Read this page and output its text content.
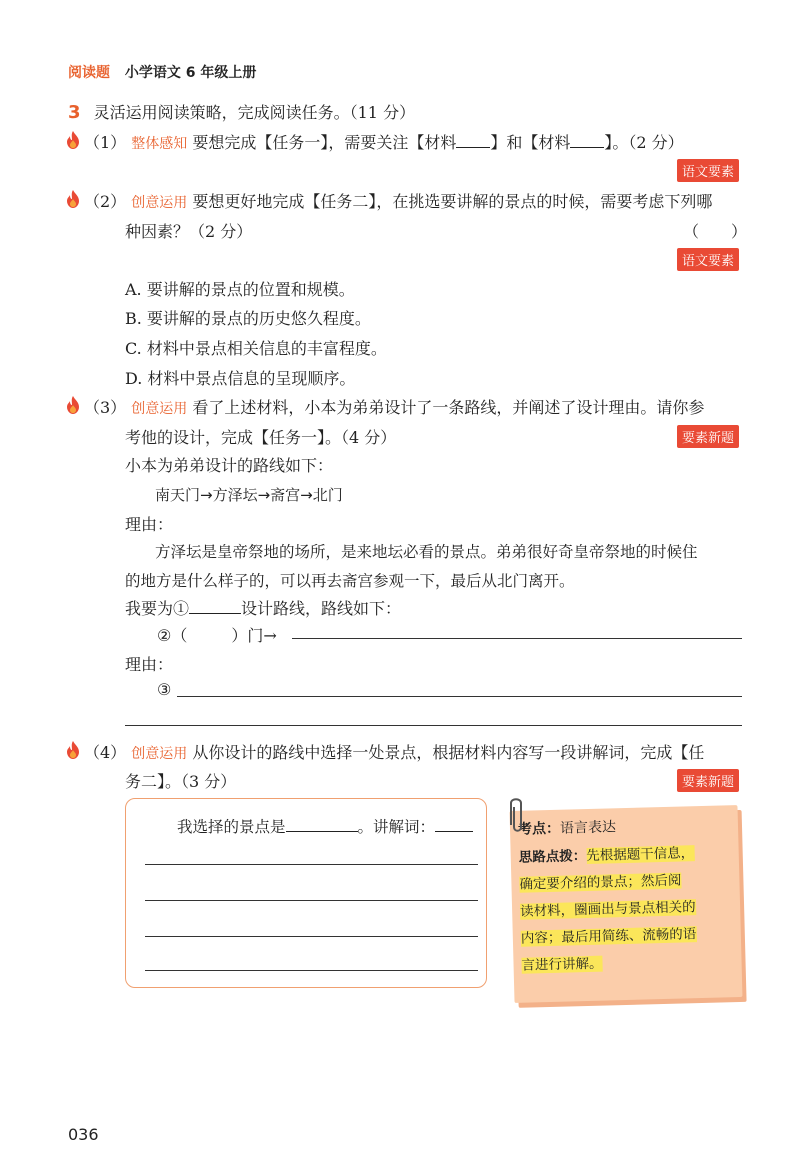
阅读题 小学语文 6 年级上册
3 灵活运用阅读策略，完成阅读任务。（11 分）
（1） 整体感知 要想完成【任务一】，需要关注【材料 】和【材料 】。（2 分）
语文要素
（2） 创意运用 要想更好地完成【任务二】，在挑选要讲解的景点的时候，需要考虑下列哪
种因素？（2 分）	（　　）
语文要素
A. 要讲解的景点的位置和规模。
B. 要讲解的景点的历史悠久程度。
C. 材料中景点相关信息的丰富程度。
D. 材料中景点信息的呈现顺序。
（3） 创意运用 看了上述材料，小本为弟弟设计了一条路线，并阐述了设计理由。请你参
考他的设计，完成【任务一】。（4 分）	要素新题
小本为弟弟设计的路线如下：
南天门→方泽坛→斋宫→北门
理由：
方泽坛是皇帝祭地的场所，是来地坛必看的景点。弟弟很好奇皇帝祭地的时候住
的地方是什么样子的，可以再去斋宫参观一下，最后从北门离开。
我要为①	设计路线，路线如下：
②（	）门→
理由：
③
（4） 创意运用 从你设计的路线中选择一处景点，根据材料内容写一段讲解词，完成【任
务二】。（3 分）	要素新题
我选择的景点是	。讲解词：	考点：语言表达
思路点拨：先根据题干信息，
确定要介绍的景点；然后阅
读材料，圈画出与景点相关的
内容；最后用简练、流畅的语
言进行讲解。
036
